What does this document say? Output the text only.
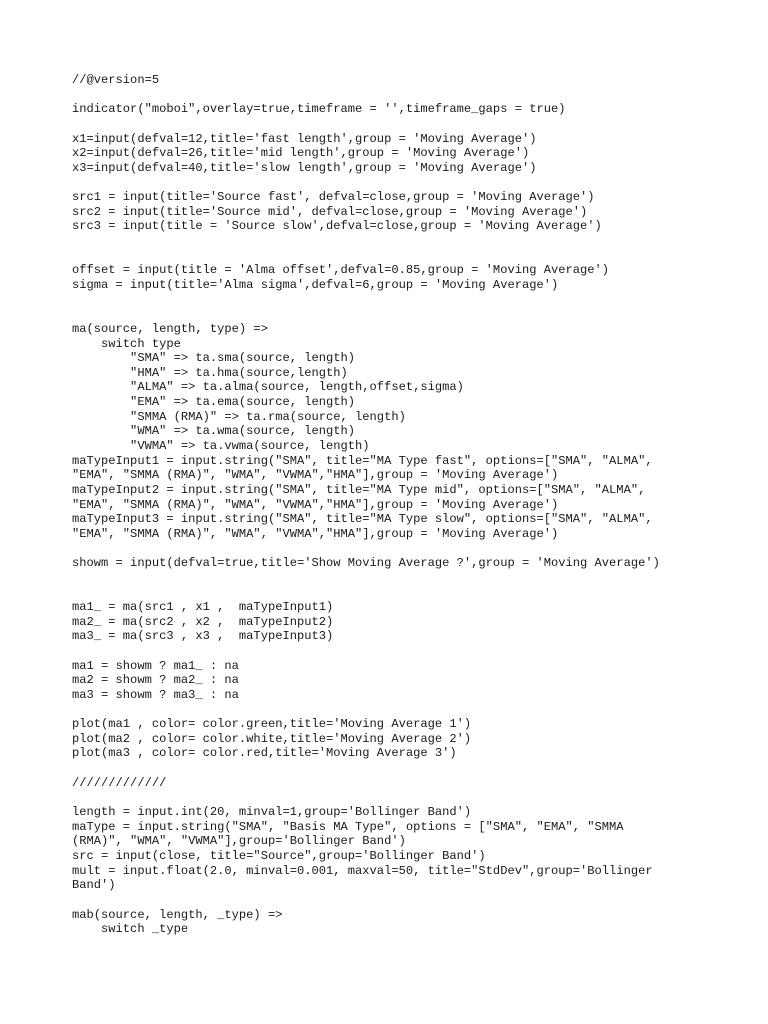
//@version=5
indicator("moboi",overlay=true,timeframe = '',timeframe_gaps = true)
x1=input(defval=12,title='fast length',group = 'Moving Average')
x2=input(defval=26,title='mid length',group = 'Moving Average')
x3=input(defval=40,title='slow length',group = 'Moving Average')
src1 = input(title='Source fast', defval=close,group = 'Moving Average')
src2 = input(title='Source mid', defval=close,group = 'Moving Average')
src3 = input(title = 'Source slow',defval=close,group = 'Moving Average')
offset = input(title = 'Alma offset',defval=0.85,group = 'Moving Average')
sigma = input(title='Alma sigma',defval=6,group = 'Moving Average')
ma(source, length, type) =>
switch type
"SMA" => ta.sma(source, length)
"HMA" => ta.hma(source,length)
"ALMA" => ta.alma(source, length,offset,sigma)
"EMA" => ta.ema(source, length)
"SMMA (RMA)" => ta.rma(source, length)
"WMA" => ta.wma(source, length)
"VWMA" => ta.vwma(source, length)
maTypeInput1 = input.string("SMA", title="MA Type fast", options=["SMA", "ALMA",
"EMA", "SMMA (RMA)", "WMA", "VWMA","HMA"],group = 'Moving Average')
maTypeInput2 = input.string("SMA", title="MA Type mid", options=["SMA", "ALMA",
"EMA", "SMMA (RMA)", "WMA", "VWMA","HMA"],group = 'Moving Average')
maTypeInput3 = input.string("SMA", title="MA Type slow", options=["SMA", "ALMA",
"EMA", "SMMA (RMA)", "WMA", "VWMA","HMA"],group = 'Moving Average')
showm = input(defval=true,title='Show Moving Average ?',group = 'Moving Average')
ma1_ = ma(src1 , x1 ,  maTypeInput1)
ma2_ = ma(src2 , x2 ,  maTypeInput2)
ma3_ = ma(src3 , x3 ,  maTypeInput3)
ma1 = showm ? ma1_ : na
ma2 = showm ? ma2_ : na
ma3 = showm ? ma3_ : na
plot(ma1 , color= color.green,title='Moving Average 1')
plot(ma2 , color= color.white,title='Moving Average 2')
plot(ma3 , color= color.red,title='Moving Average 3')
/////////////
length = input.int(20, minval=1,group='Bollinger Band')
maType = input.string("SMA", "Basis MA Type", options = ["SMA", "EMA", "SMMA
(RMA)", "WMA", "VWMA"],group='Bollinger Band')
src = input(close, title="Source",group='Bollinger Band')
mult = input.float(2.0, minval=0.001, maxval=50, title="StdDev",group='Bollinger
Band')
mab(source, length, _type) =>
switch _type
